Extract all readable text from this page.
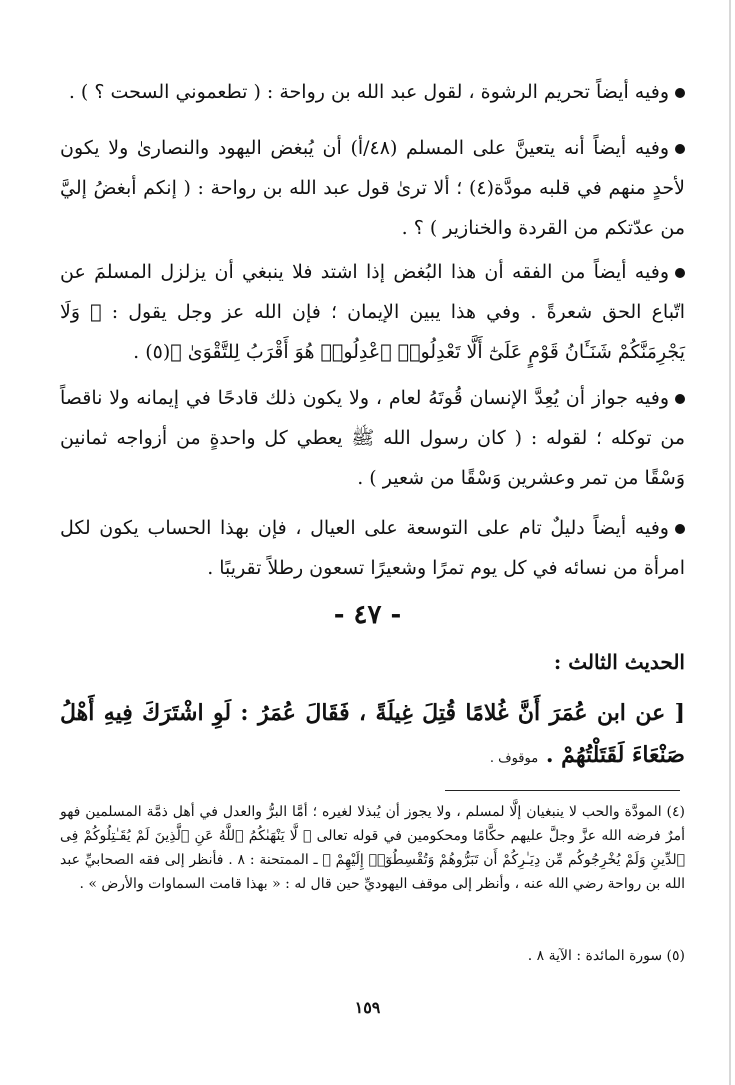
وفيه أيضاً تحريم الرشوة ، لقول عبد الله بن رواحة : ( تطعموني السحت ؟ ) .
وفيه أيضاً أنه يتعينَّ على المسلم (٤٨/أ) أن يُبغض اليهود والنصارىٰ ولا يكون لأحدٍ منهم في قلبه مودَّة(٤) ؛ ألا ترىٰ قول عبد الله بن رواحة : ( إنكم أبغضُ إليَّ من عدّتكم من القردة والخنازير ) ؟ .
وفيه أيضاً من الفقه أن هذا البُغض إذا اشتد فلا ينبغي أن يزلزل المسلمَ عن اتّباع الحق شعرةً . وفي هذا يبين الإيمان ؛ فإن الله عز وجل يقول : ﴿ وَلَا يَجْرِمَنَّكُمْ شَنَـَٔانُ قَوْمٍ عَلَىٰٓ أَلَّا تَعْدِلُوا۟ ٱعْدِلُوا۟ هُوَ أَقْرَبُ لِلتَّقْوَىٰ ﴾(٥) .
وفيه جواز أن يُعِدَّ الإنسان قُوتَهُ لعام ، ولا يكون ذلك قادحًا في إيمانه ولا ناقصاً من توكله ؛ لقوله : ( كان رسول الله ﷺ يعطي كل واحدةٍ من أزواجه ثمانين وَسْقًا من تمر وعشرين وَسْقًا من شعير ) .
وفيه أيضاً دليلٌ تام على التوسعة على العيال ، فإن بهذا الحساب يكون لكل امرأة من نسائه في كل يوم تمرًا وشعيرًا تسعون رطلاً تقريبًا .
- ٤٧ -
الحديث الثالث :
[ عن ابن عُمَرَ أَنَّ غُلامًا قُتِلَ غِيلَةً ، فَقَالَ عُمَرُ : لَوِ اشْتَرَكَ فِيهِ أَهْلُ صَنْعَاءَ لَقَتَلْتُهُمْ . موقوف .
(٤) المودَّة والحب لا ينبغيان إلَّا لمسلم ، ولا يجوز أن يُبذلا لغيره ؛ أمَّا البرُّ والعدل في أهل ذمَّة المسلمين فهو أمرٌ فرضه الله عزَّ وجلَّ عليهم حكَّامًا ومحكومين في قوله تعالى ﴿ لَّا يَنْهَىٰكُمُ ٱللَّهُ عَنِ ٱلَّذِينَ لَمْ يُقَـٰتِلُوكُمْ فِى ٱلدِّينِ وَلَمْ يُخْرِجُوكُم مِّن دِيَـٰرِكُمْ أَن تَبَرُّوهُمْ وَتُقْسِطُوٓا۟ إِلَيْهِمْ ﴾ ـ الممتحنة : ٨ . فأنظر إلى فقه الصحابيِّ عبد الله بن رواحة رضي الله عنه ، وأنظر إلى موقف اليهوديِّ حين قال له : « بهذا قامت السماوات والأرض » .
(٥) سورة المائدة : الآية ٨ .
١٥٩
